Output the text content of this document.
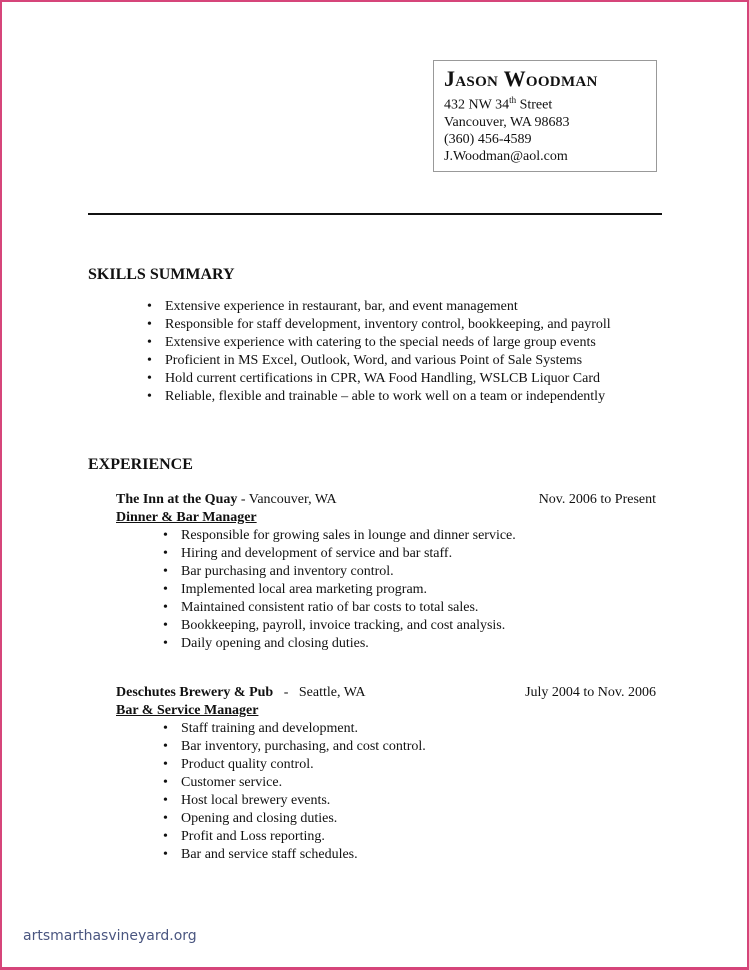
Jason Woodman
432 NW 34th Street
Vancouver, WA 98683
(360) 456-4589
J.Woodman@aol.com
SKILLS SUMMARY
• Extensive experience in restaurant, bar, and event management
• Responsible for staff development, inventory control, bookkeeping, and payroll
• Extensive experience with catering to the special needs of large group events
• Proficient in MS Excel, Outlook, Word, and various Point of Sale Systems
• Hold current certifications in CPR, WA Food Handling, WSLCB Liquor Card
• Reliable, flexible and trainable – able to work well on a team or independently
EXPERIENCE
The Inn at the Quay - Vancouver, WA	Nov. 2006 to Present
Dinner & Bar Manager
• Responsible for growing sales in lounge and dinner service.
• Hiring and development of service and bar staff.
• Bar purchasing and inventory control.
• Implemented local area marketing program.
• Maintained consistent ratio of bar costs to total sales.
• Bookkeeping, payroll, invoice tracking, and cost analysis.
• Daily opening and closing duties.
Deschutes Brewery & Pub   -   Seattle, WA	July 2004 to Nov. 2006
Bar & Service Manager
• Staff training and development.
• Bar inventory, purchasing, and cost control.
• Product quality control.
• Customer service.
• Host local brewery events.
• Opening and closing duties.
• Profit and Loss reporting.
• Bar and service staff schedules.
artsmarthasvineyard.org
